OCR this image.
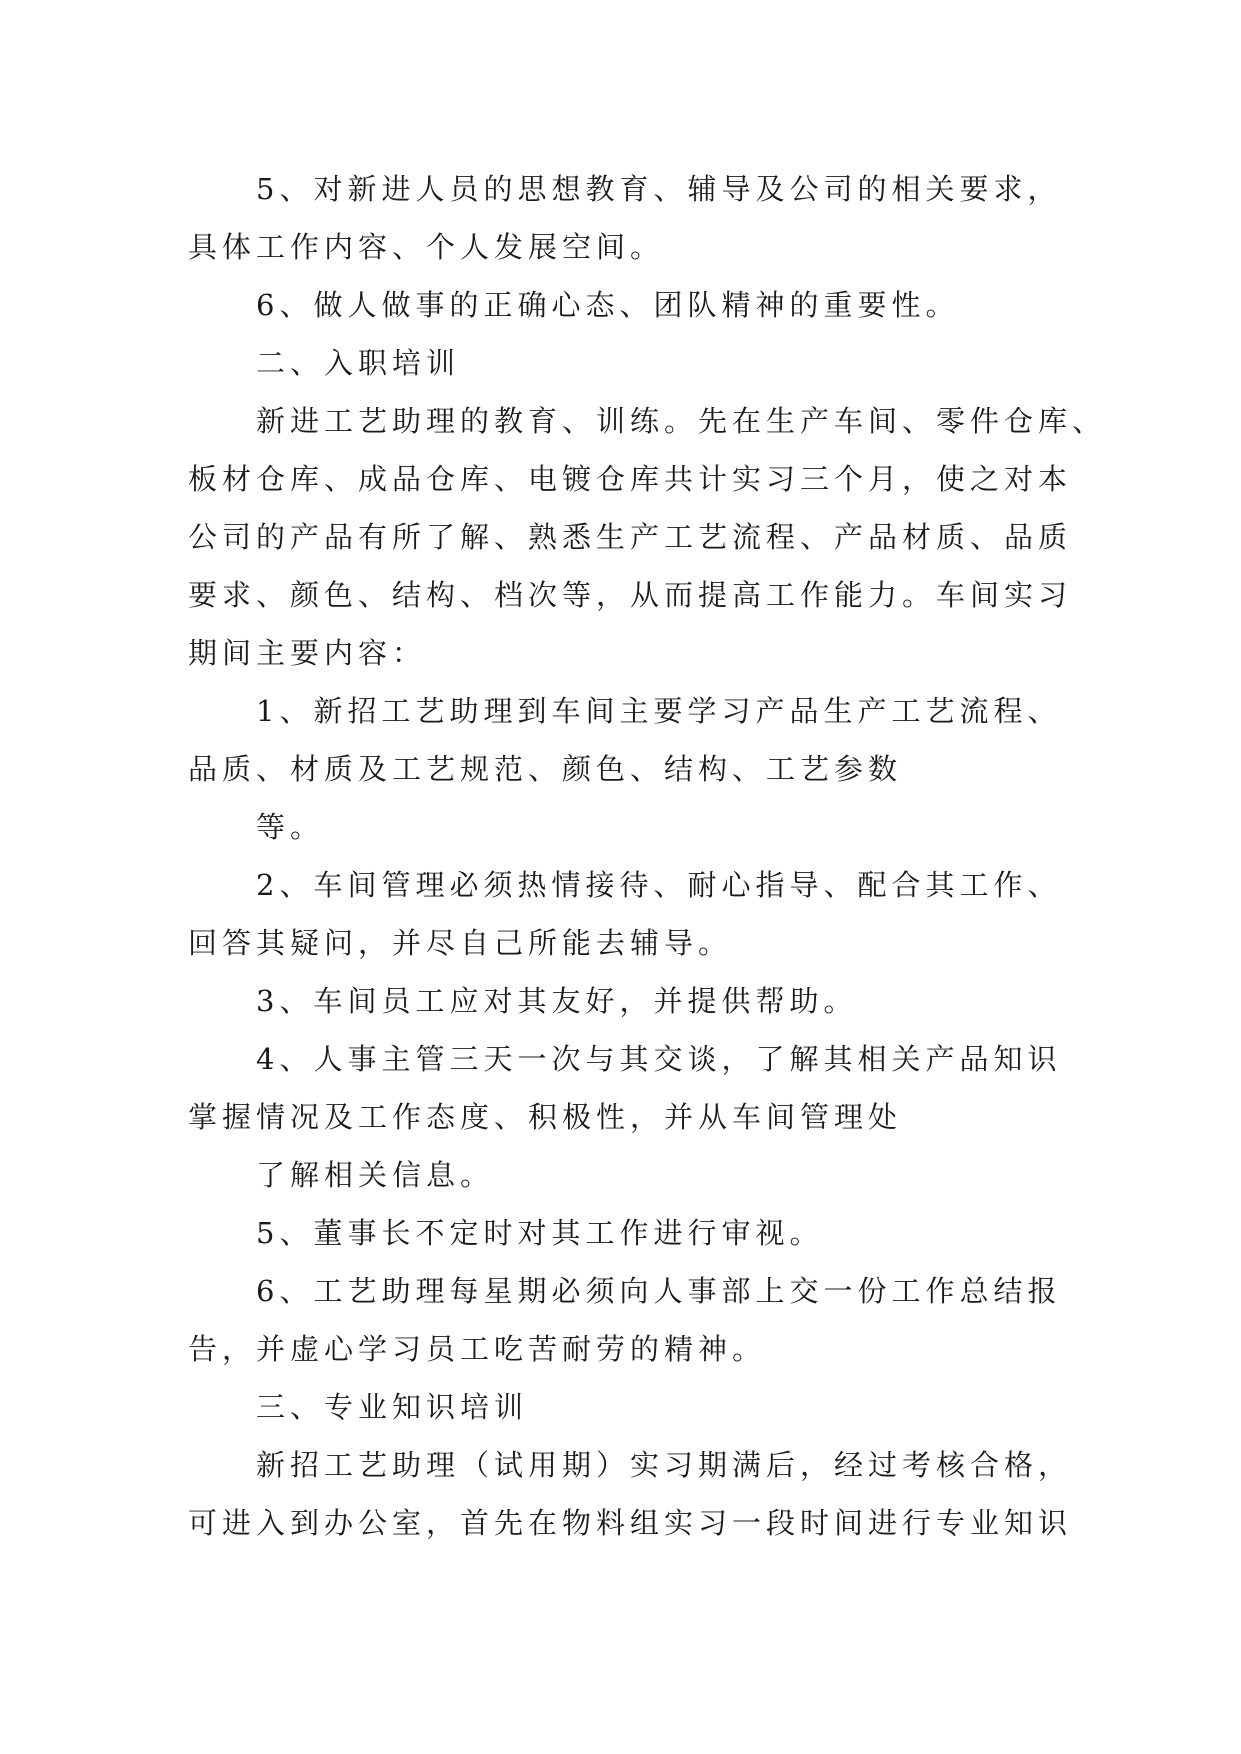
5、对新进人员的思想教育、辅导及公司的相关要求，
具体工作内容、个人发展空间。
6、做人做事的正确心态、团队精神的重要性。
二、入职培训
新进工艺助理的教育、训练。先在生产车间、零件仓库、
板材仓库、成品仓库、电镀仓库共计实习三个月，使之对本
公司的产品有所了解、熟悉生产工艺流程、产品材质、品质
要求、颜色、结构、档次等，从而提高工作能力。车间实习
期间主要内容：
1、新招工艺助理到车间主要学习产品生产工艺流程、
品质、材质及工艺规范、颜色、结构、工艺参数
等。
2、车间管理必须热情接待、耐心指导、配合其工作、
回答其疑问，并尽自己所能去辅导。
3、车间员工应对其友好，并提供帮助。
4、人事主管三天一次与其交谈，了解其相关产品知识
掌握情况及工作态度、积极性，并从车间管理处
了解相关信息。
5、董事长不定时对其工作进行审视。
6、工艺助理每星期必须向人事部上交一份工作总结报
告，并虚心学习员工吃苦耐劳的精神。
三、专业知识培训
新招工艺助理（试用期）实习期满后，经过考核合格，
可进入到办公室，首先在物料组实习一段时间进行专业知识
